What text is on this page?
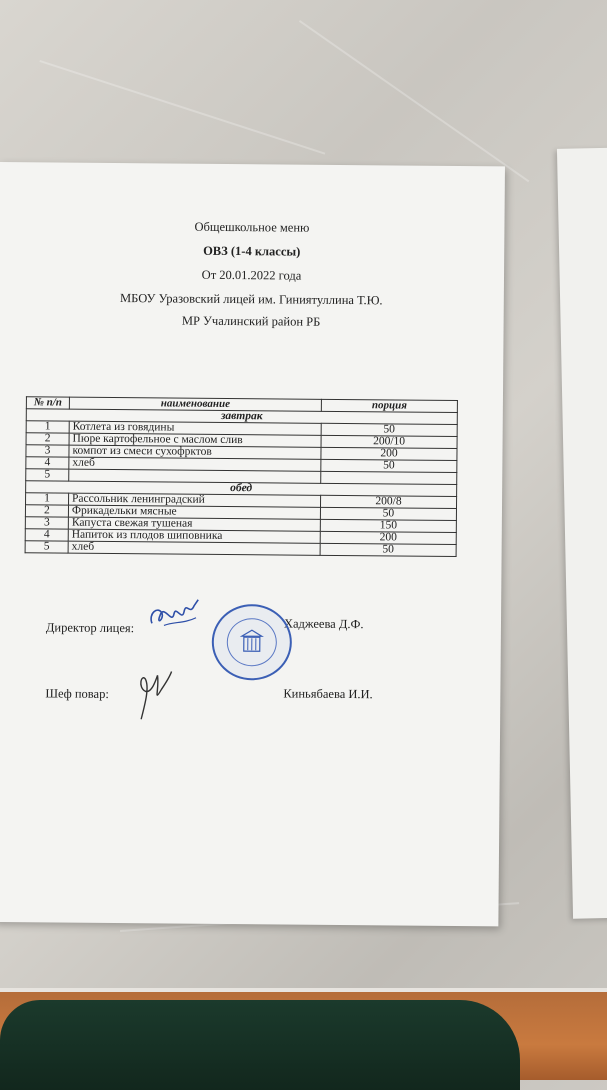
Общешкольное меню
ОВЗ (1-4 классы)
От 20.01.2022 года
МБОУ Уразовский лицей им. Гиниятуллина Т.Ю.
МР Учалинский район РБ
№ п/п	наименование	порция
завтрак		
1	Котлета из говядины	50
2	Пюре картофельное с маслом слив	200/10
3	компот из смеси сухофрктов	200
4	хлеб	50
5		
обед		
1	Рассольник ленинградский	200/8
2	Фрикадельки мясные	50
3	Капуста свежая тушеная	150
4	Напиток из плодов шиповника	200
5	хлеб	50
Директор лицея:	Хаджеева Д.Ф.
Шеф повар:	Киньябаева И.И.
